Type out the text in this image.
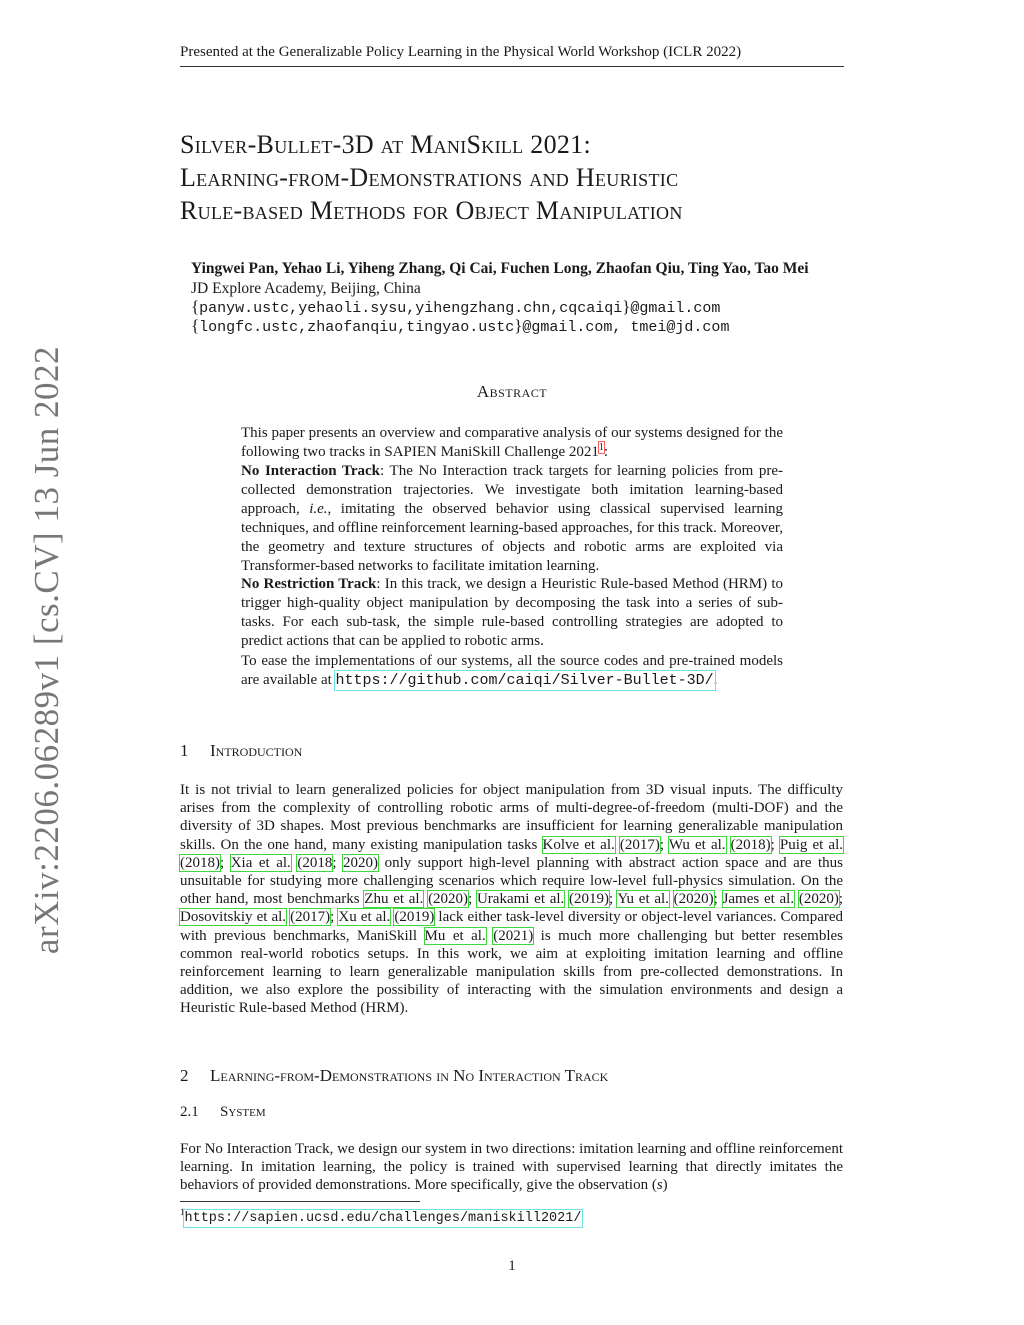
Presented at the Generalizable Policy Learning in the Physical World Workshop (ICLR 2022)
Silver-Bullet-3D at ManiSkill 2021:
Learning-from-Demonstrations and Heuristic
Rule-based Methods for Object Manipulation
Yingwei Pan, Yehao Li, Yiheng Zhang, Qi Cai, Fuchen Long, Zhaofan Qiu, Ting Yao, Tao Mei
JD Explore Academy, Beijing, China
{panyw.ustc,yehaoli.sysu,yihengzhang.chn,cqcaiqi}@gmail.com
{longfc.ustc,zhaofanqiu,tingyao.ustc}@gmail.com, tmei@jd.com
arXiv:2206.06289v1 [cs.CV] 13 Jun 2022	Abstract
This paper presents an overview and comparative analysis of our systems designed for the following two tracks in SAPIEN ManiSkill Challenge 2021$^1$:
No Interaction Track: The No Interaction track targets for learning policies from pre-collected demonstration trajectories. We investigate both imitation learning-based approach, i.e., imitating the observed behavior using classical supervised learning techniques, and offline reinforcement learning-based approaches, for this track. Moreover, the geometry and texture structures of objects and robotic arms are exploited via Transformer-based networks to facilitate imitation learning.
No Restriction Track: In this track, we design a Heuristic Rule-based Method (HRM) to trigger high-quality object manipulation by decomposing the task into a series of sub-tasks. For each sub-task, the simple rule-based controlling strategies are adopted to predict actions that can be applied to robotic arms.
To ease the implementations of our systems, all the source codes and pre-trained models are available at https://github.com/caiqi/Silver-Bullet-3D/.
1 Introduction
It is not trivial to learn generalized policies for object manipulation from 3D visual inputs. The difficulty arises from the complexity of controlling robotic arms of multi-degree-of-freedom (multi-DOF) and the diversity of 3D shapes. Most previous benchmarks are insufficient for learning generalizable manipulation skills. On the one hand, many existing manipulation tasks Kolve et al. (2017); Wu et al. (2018); Puig et al. (2018); Xia et al. (2018; 2020) only support high-level planning with abstract action space and are thus unsuitable for studying more challenging scenarios which require low-level full-physics simulation. On the other hand, most benchmarks Zhu et al. (2020); Urakami et al. (2019); Yu et al. (2020); James et al. (2020); Dosovitskiy et al. (2017); Xu et al. (2019) lack either task-level diversity or object-level variances. Compared with previous benchmarks, ManiSkill Mu et al. (2021) is much more challenging but better resembles common real-world robotics setups. In this work, we aim at exploiting imitation learning and offline reinforcement learning to learn generalizable manipulation skills from pre-collected demonstrations. In addition, we also explore the possibility of interacting with the simulation environments and design a Heuristic Rule-based Method (HRM).
2 Learning-from-Demonstrations in No Interaction Track
2.1 System
For No Interaction Track, we design our system in two directions: imitation learning and offline reinforcement learning. In imitation learning, the policy is trained with supervised learning that directly imitates the behaviors of provided demonstrations. More specifically, give the observation (s)
$^1$https://sapien.ucsd.edu/challenges/maniskill2021/
1
